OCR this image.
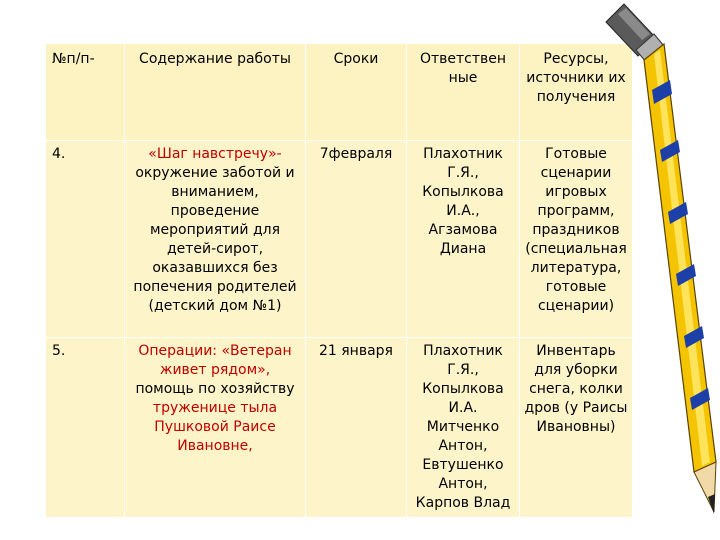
№п/п-	Содержание работы	Сроки	Ответствен ные	Ресурсы, источники их получения
4.	«Шаг навстречу»- окружение заботой и вниманием, проведение мероприятий для детей-сирот, оказавшихся без попечения родителей (детский дом №1)	7февраля	Плахотник Г.Я., Копылкова И.А., Агзамова Диана	Готовые сценарии игровых программ, праздников (специальная литература, готовые сценарии)
5.	Операции: «Ветеран живет рядом», помощь по хозяйству труженице тыла Пушковой Раисе Ивановне,	21 января	Плахотник Г.Я., Копылкова И.А. Митченко Антон, Евтушенко Антон, Карпов Влад	Инвентарь для уборки снега, колки дров (у Раисы Ивановны)
